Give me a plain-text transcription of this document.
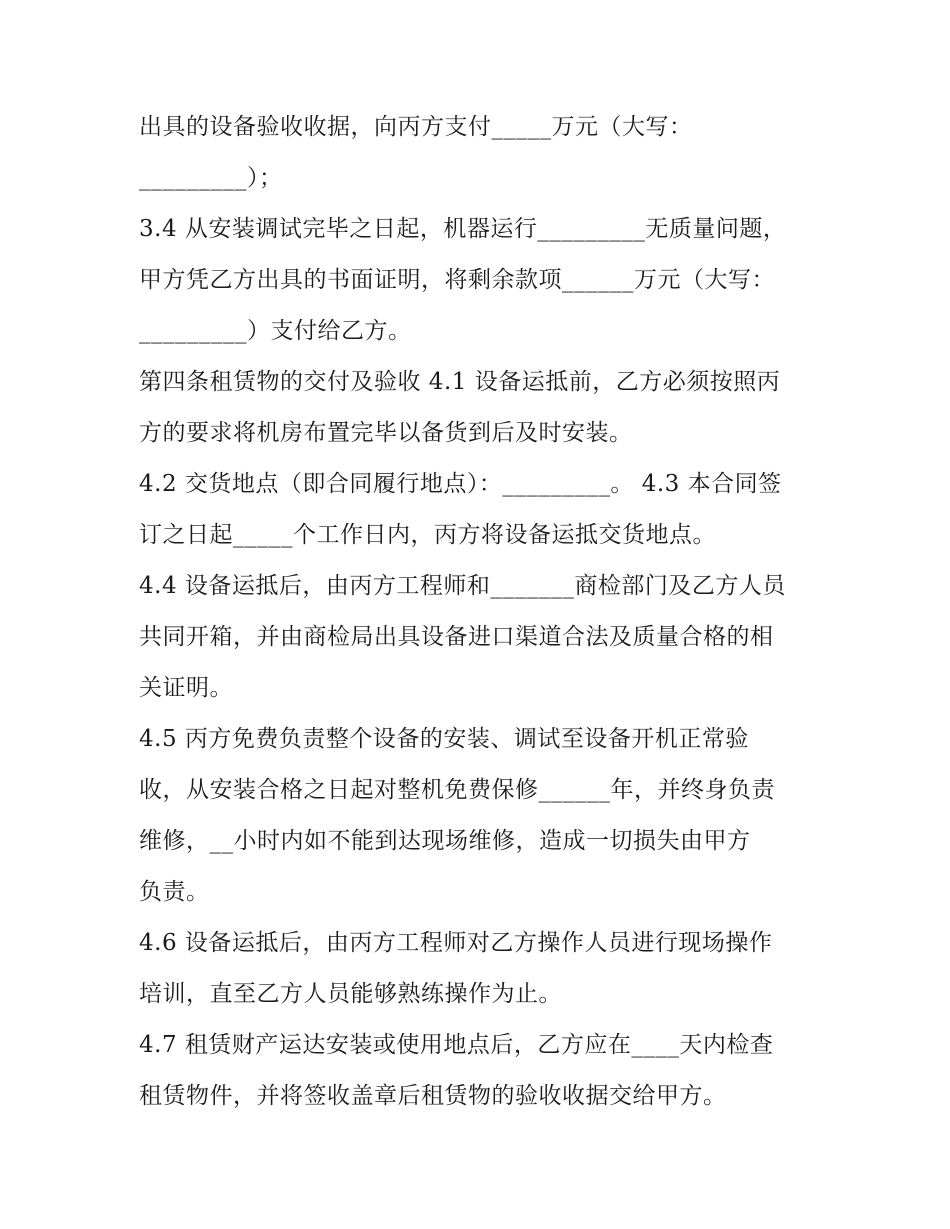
出具的设备验收收据，向丙方支付_____万元（大写：
_________）；
3.4 从安装调试完毕之日起，机器运行_________无质量问题，
甲方凭乙方出具的书面证明，将剩余款项______万元（大写：
_________）支付给乙方。
第四条租赁物的交付及验收 4.1 设备运抵前，乙方必须按照丙
方的要求将机房布置完毕以备货到后及时安装。
4.2 交货地点（即合同履行地点）：_________。 4.3 本合同签
订之日起_____个工作日内，丙方将设备运抵交货地点。
4.4 设备运抵后，由丙方工程师和_______商检部门及乙方人员
共同开箱，并由商检局出具设备进口渠道合法及质量合格的相
关证明。
4.5 丙方免费负责整个设备的安装、调试至设备开机正常验
收，从安装合格之日起对整机免费保修______年，并终身负责
维修，__小时内如不能到达现场维修，造成一切损失由甲方
负责。
4.6 设备运抵后，由丙方工程师对乙方操作人员进行现场操作
培训，直至乙方人员能够熟练操作为止。
4.7 租赁财产运达安装或使用地点后，乙方应在____天内检查
租赁物件，并将签收盖章后租赁物的验收收据交给甲方。
